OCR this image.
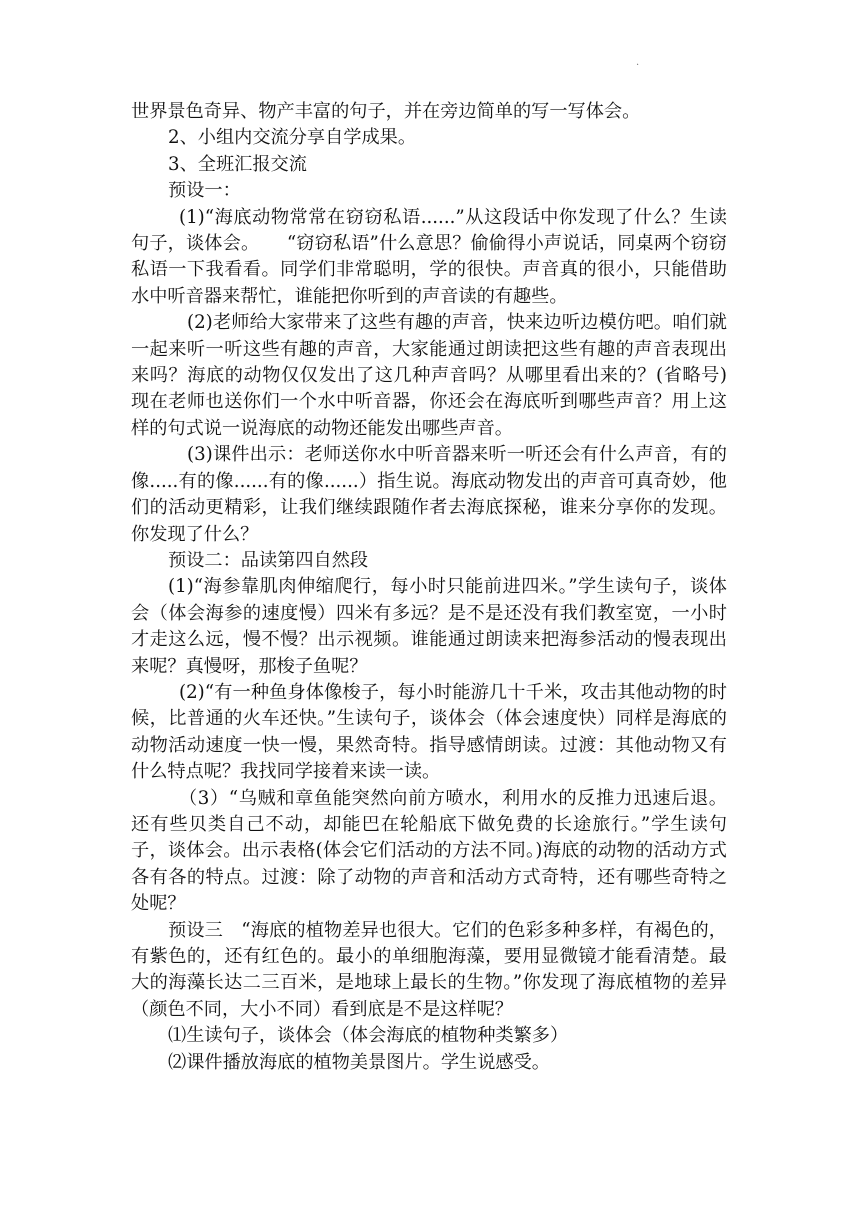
.

世界景色奇异、物产丰富的句子，并在旁边简单的写一写体会。

2、小组内交流分享自学成果。

3、全班汇报交流

预设一：

(1)“海底动物常常在窃窃私语......”从这段话中你发现了什么？生读句子，谈体会。　　“窃窃私语”什么意思？偷偷得小声说话，同桌两个窃窃私语一下我看看。同学们非常聪明，学的很快。声音真的很小，只能借助水中听音器来帮忙，谁能把你听到的声音读的有趣些。

(2)老师给大家带来了这些有趣的声音，快来边听边模仿吧。咱们就一起来听一听这些有趣的声音，大家能通过朗读把这些有趣的声音表现出来吗？海底的动物仅仅发出了这几种声音吗？从哪里看出来的？(省略号)现在老师也送你们一个水中听音器，你还会在海底听到哪些声音？用上这样的句式说一说海底的动物还能发出哪些声音。

(3)课件出示：老师送你水中听音器来听一听还会有什么声音，有的像.....有的像......有的像......）指生说。海底动物发出的声音可真奇妙，他们的活动更精彩，让我们继续跟随作者去海底探秘，谁来分享你的发现。你发现了什么？

预设二：品读第四自然段

(1)“海参靠肌肉伸缩爬行，每小时只能前进四米。”学生读句子，谈体会（体会海参的速度慢）四米有多远？是不是还没有我们教室宽，一小时才走这么远，慢不慢？出示视频。谁能通过朗读来把海参活动的慢表现出来呢？真慢呀，那梭子鱼呢？

(2)“有一种鱼身体像梭子，每小时能游几十千米，攻击其他动物的时候，比普通的火车还快。”生读句子，谈体会（体会速度快）同样是海底的动物活动速度一快一慢，果然奇特。指导感情朗读。过渡：其他动物又有什么特点呢？我找同学接着来读一读。

（3）“乌贼和章鱼能突然向前方喷水，利用水的反推力迅速后退。还有些贝类自己不动，却能巴在轮船底下做免费的长途旅行。”学生读句子，谈体会。出示表格(体会它们活动的方法不同。)海底的动物的活动方式各有各的特点。过渡：除了动物的声音和活动方式奇特，还有哪些奇特之处呢？

预设三　“海底的植物差异也很大。它们的色彩多种多样，有褐色的，有紫色的，还有红色的。最小的单细胞海藻，要用显微镜才能看清楚。最大的海藻长达二三百米，是地球上最长的生物。”你发现了海底植物的差异（颜色不同，大小不同）看到底是不是这样呢？

⑴生读句子，谈体会（体会海底的植物种类繁多）

⑵课件播放海底的植物美景图片。学生说感受。
